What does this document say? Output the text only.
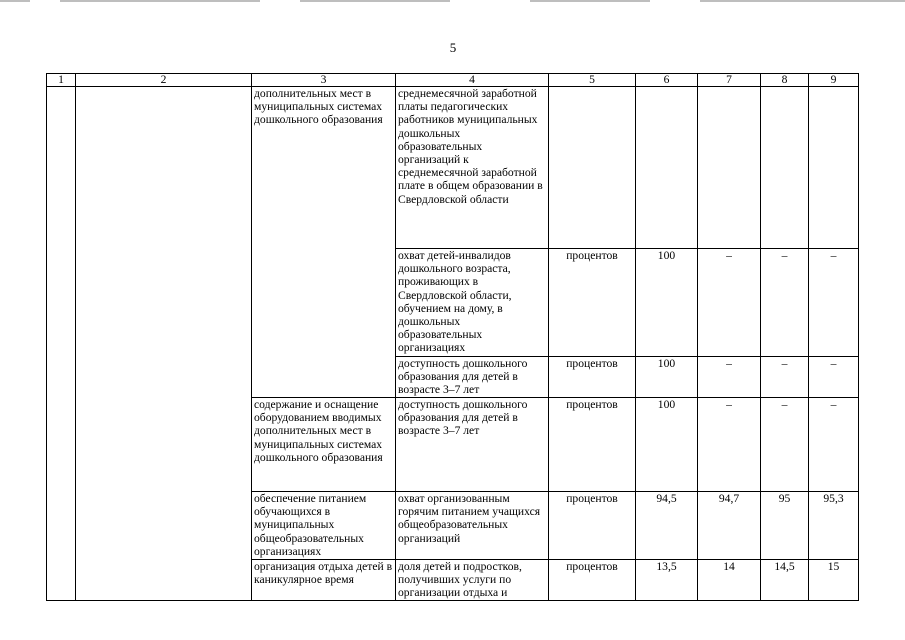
5
1	2	3	4	5	6	7	8	9
		дополнительных мест в муниципальных системах дошкольного образования	среднемесячной заработной платы педагогических работников муниципальных дошкольных образовательных организаций к среднемесячной заработной плате в общем образовании в Свердловской области					
			охват детей-инвалидов дошкольного возраста, проживающих в Свердловской области, обучением на дому, в дошкольных образовательных организациях	процентов	100	–	–	–
			доступность дошкольного образования для детей в возрасте 3–7 лет	процентов	100	–	–	–
		содержание и оснащение оборудованием вводимых дополнительных мест в муниципальных системах дошкольного образования	доступность дошкольного образования для детей в возрасте 3–7 лет	процентов	100	–	–	–
		обеспечение питанием обучающихся в муниципальных общеобразовательных организациях	охват организованным горячим питанием учащихся общеобразовательных организаций	процентов	94,5	94,7	95	95,3
		организация отдыха детей в каникулярное время	доля детей и подростков, получивших услуги по организации отдыха и	процентов	13,5	14	14,5	15
